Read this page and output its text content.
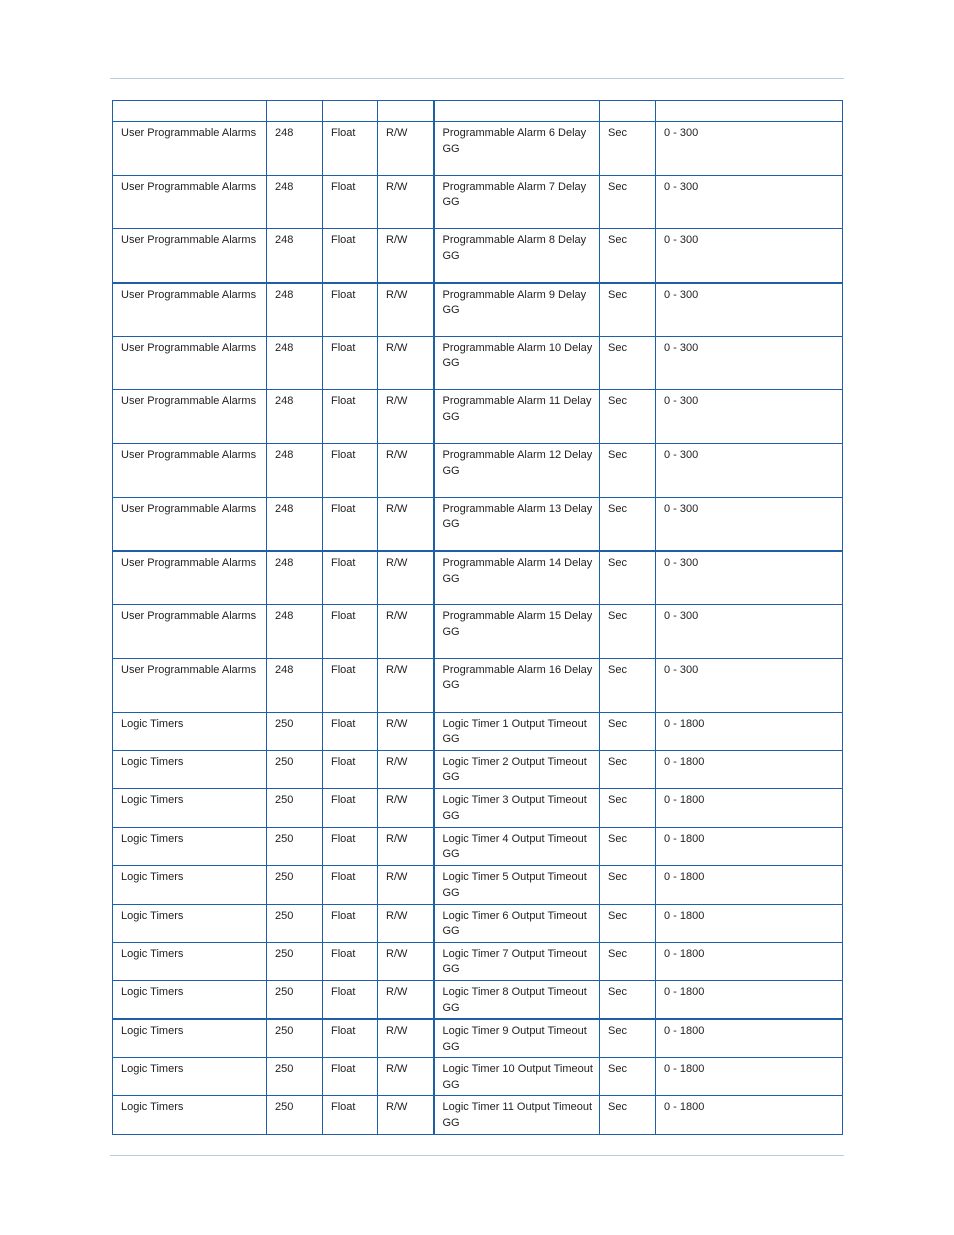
User Programmable Alarms	248	Float	R/W	Programmable Alarm 6 Delay GG	Sec	0 - 300
User Programmable Alarms	248	Float	R/W	Programmable Alarm 7 Delay GG	Sec	0 - 300
User Programmable Alarms	248	Float	R/W	Programmable Alarm 8 Delay GG	Sec	0 - 300
User Programmable Alarms	248	Float	R/W	Programmable Alarm 9 Delay GG	Sec	0 - 300
User Programmable Alarms	248	Float	R/W	Programmable Alarm 10 Delay GG	Sec	0 - 300
User Programmable Alarms	248	Float	R/W	Programmable Alarm 11 Delay GG	Sec	0 - 300
User Programmable Alarms	248	Float	R/W	Programmable Alarm 12 Delay GG	Sec	0 - 300
User Programmable Alarms	248	Float	R/W	Programmable Alarm 13 Delay GG	Sec	0 - 300
User Programmable Alarms	248	Float	R/W	Programmable Alarm 14 Delay GG	Sec	0 - 300
User Programmable Alarms	248	Float	R/W	Programmable Alarm 15 Delay GG	Sec	0 - 300
User Programmable Alarms	248	Float	R/W	Programmable Alarm 16 Delay GG	Sec	0 - 300
Logic Timers	250	Float	R/W	Logic Timer 1 Output Timeout GG	Sec	0 - 1800
Logic Timers	250	Float	R/W	Logic Timer 2 Output Timeout GG	Sec	0 - 1800
Logic Timers	250	Float	R/W	Logic Timer 3 Output Timeout GG	Sec	0 - 1800
Logic Timers	250	Float	R/W	Logic Timer 4 Output Timeout GG	Sec	0 - 1800
Logic Timers	250	Float	R/W	Logic Timer 5 Output Timeout GG	Sec	0 - 1800
Logic Timers	250	Float	R/W	Logic Timer 6 Output Timeout GG	Sec	0 - 1800
Logic Timers	250	Float	R/W	Logic Timer 7 Output Timeout GG	Sec	0 - 1800
Logic Timers	250	Float	R/W	Logic Timer 8 Output Timeout GG	Sec	0 - 1800
Logic Timers	250	Float	R/W	Logic Timer 9 Output Timeout GG	Sec	0 - 1800
Logic Timers	250	Float	R/W	Logic Timer 10 Output Timeout GG	Sec	0 - 1800
Logic Timers	250	Float	R/W	Logic Timer 11 Output Timeout GG	Sec	0 - 1800
